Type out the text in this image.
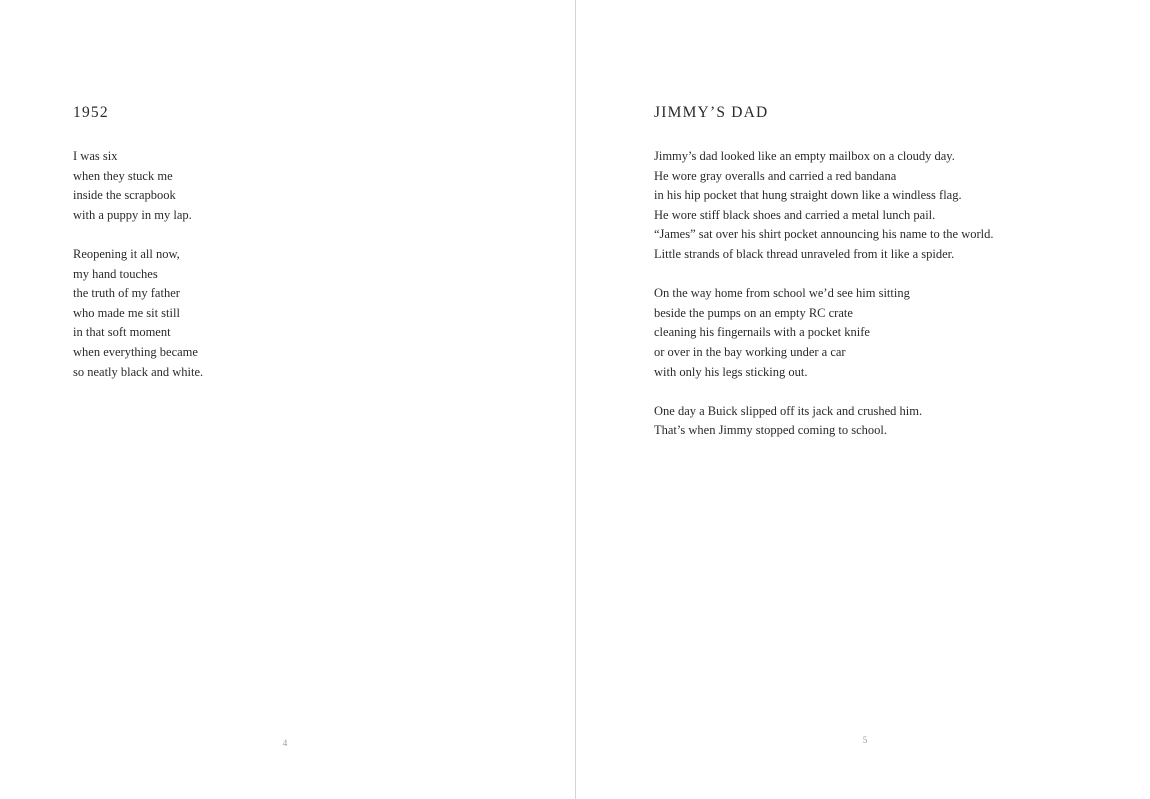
1952

I was six
when they stuck me
inside the scrapbook
with a puppy in my lap.

Reopening it all now,
my hand touches
the truth of my father
who made me sit still
in that soft moment
when everything became
so neatly black and white.

4
JIMMY’S DAD

Jimmy’s dad looked like an empty mailbox on a cloudy day.
He wore gray overalls and carried a red bandana
in his hip pocket that hung straight down like a windless flag.
He wore stiff black shoes and carried a metal lunch pail.
“James” sat over his shirt pocket announcing his name to the world.
Little strands of black thread unraveled from it like a spider.

On the way home from school we’d see him sitting
beside the pumps on an empty RC crate
cleaning his fingernails with a pocket knife
or over in the bay working under a car
with only his legs sticking out.

One day a Buick slipped off its jack and crushed him.
That’s when Jimmy stopped coming to school.

5
